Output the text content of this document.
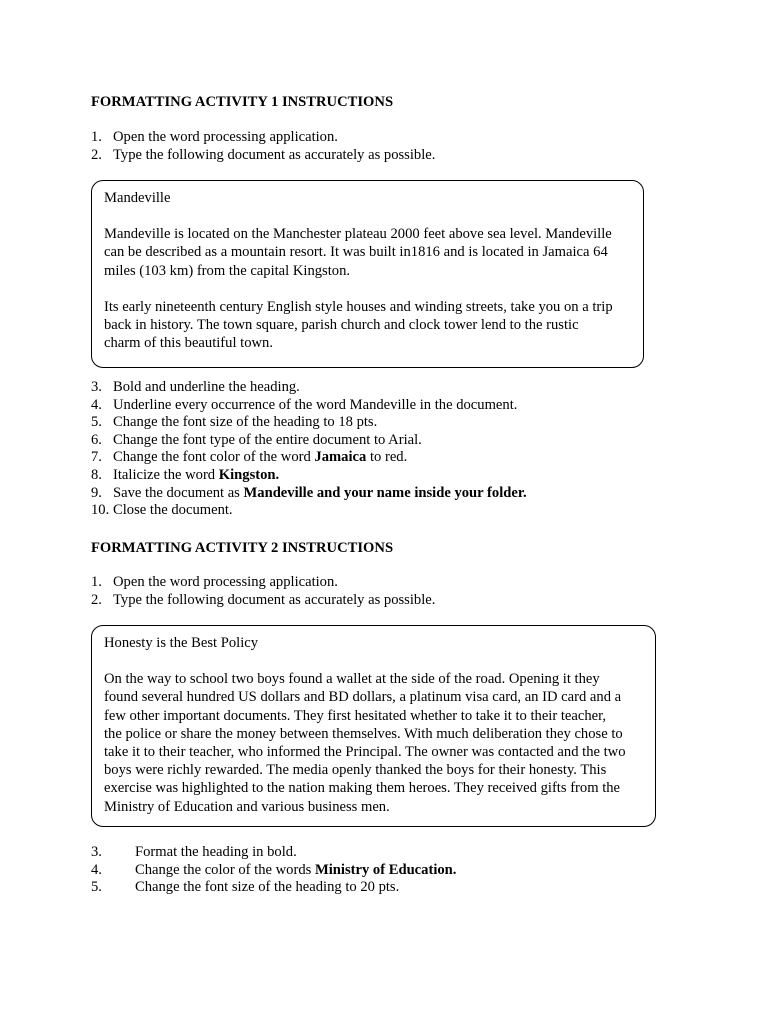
FORMATTING ACTIVITY 1 INSTRUCTIONS
1. Open the word processing application.
2. Type the following document as accurately as possible.

Mandeville

Mandeville is located on the Manchester plateau 2000 feet above sea level. Mandeville
can be described as a mountain resort. It was built in1816 and is located in Jamaica 64
miles (103 km) from the capital Kingston.

Its early nineteenth century English style houses and winding streets, take you on a trip
back in history. The town square, parish church and clock tower lend to the rustic
charm of this beautiful town.

3. Bold and underline the heading.
4. Underline every occurrence of the word Mandeville in the document.
5. Change the font size of the heading to 18 pts.
6. Change the font type of the entire document to Arial.
7. Change the font color of the word Jamaica to red.
8. Italicize the word Kingston.
9. Save the document as Mandeville and your name inside your folder.
10. Close the document.
FORMATTING ACTIVITY 2 INSTRUCTIONS
1. Open the word processing application.
2. Type the following document as accurately as possible.

Honesty is the Best Policy

On the way to school two boys found a wallet at the side of the road. Opening it they
found several hundred US dollars and BD dollars, a platinum visa card, an ID card and a
few other important documents. They first hesitated whether to take it to their teacher,
the police or share the money between themselves. With much deliberation they chose to
take it to their teacher, who informed the Principal. The owner was contacted and the two
boys were richly rewarded. The media openly thanked the boys for their honesty. This
exercise was highlighted to the nation making them heroes. They received gifts from the
Ministry of Education and various business men.

3. Format the heading in bold.
4. Change the color of the words Ministry of Education.
5. Change the font size of the heading to 20 pts.
